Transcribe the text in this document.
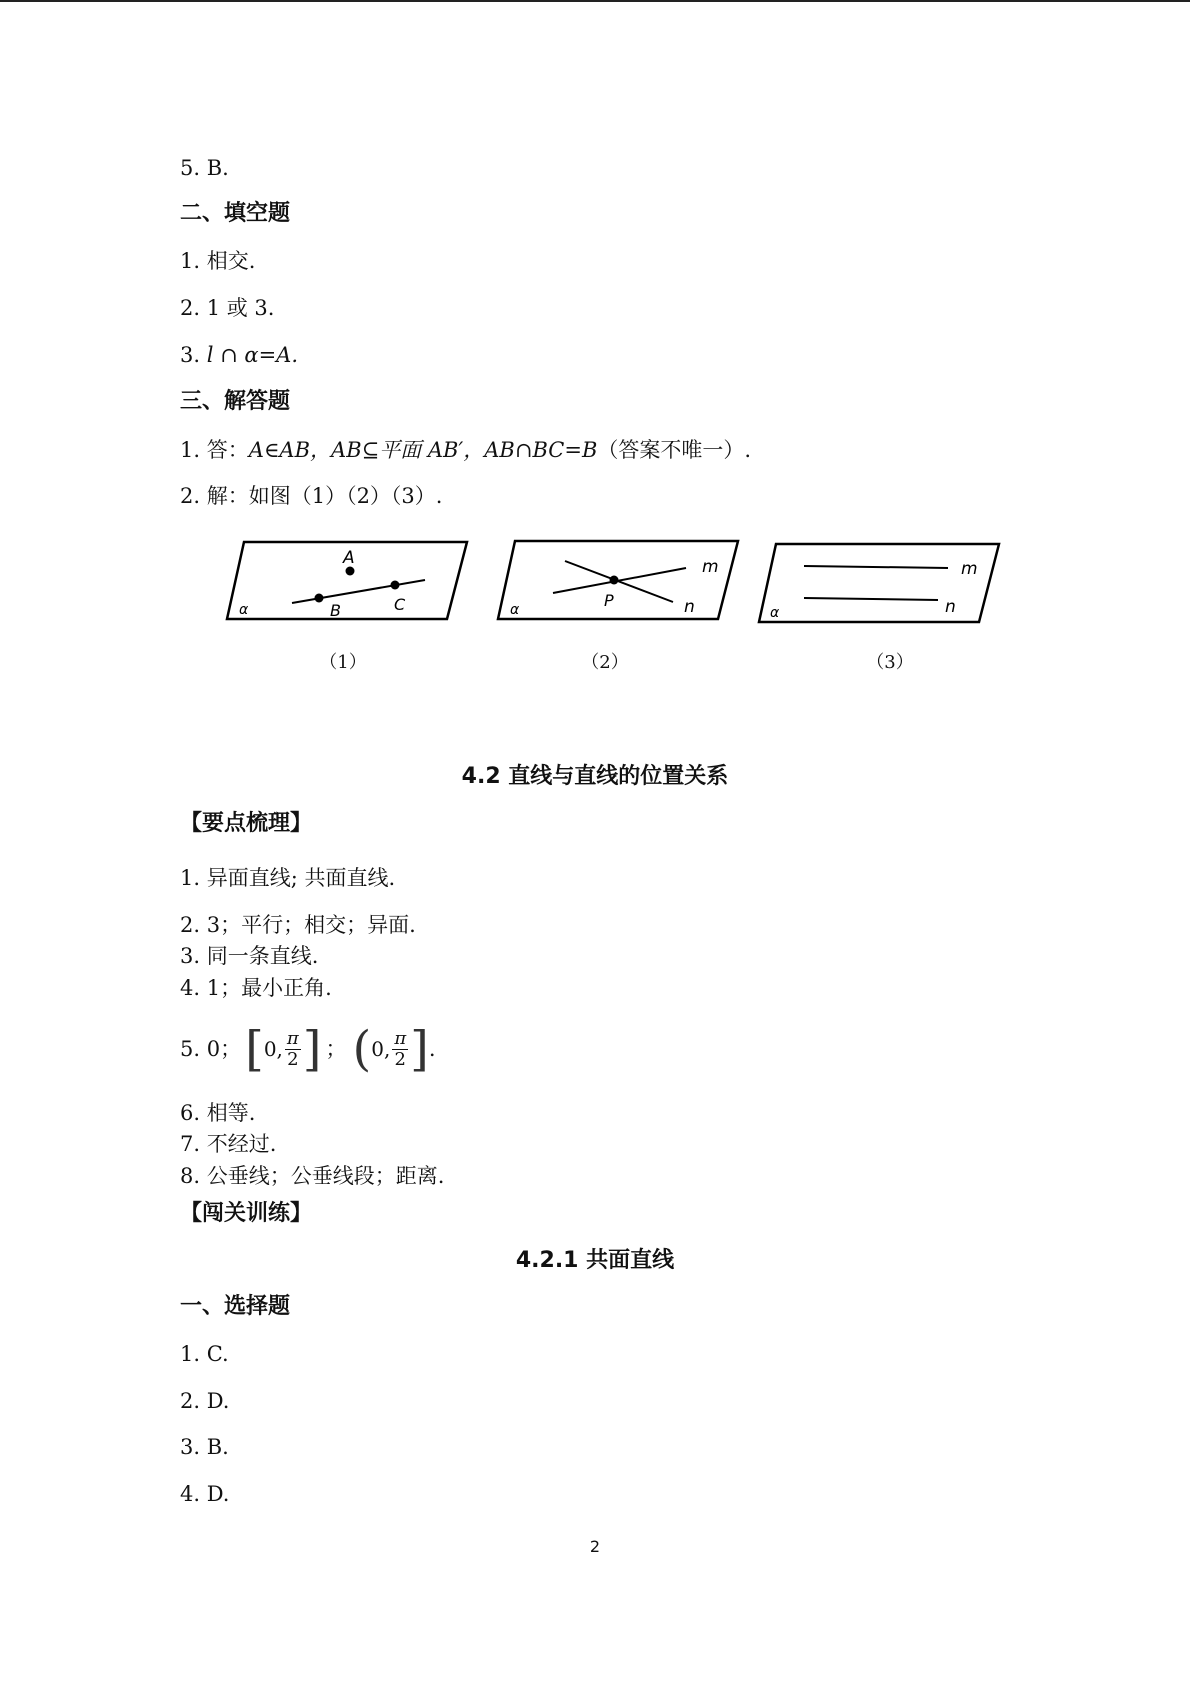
5. B.
二、填空题
1. 相交.
2. 1 或 3.
3. l ∩ α=A.
三、解答题
1. 答：A∈AB，AB⊆平面 AB′，AB∩BC=B（答案不唯一）.
2. 解：如图（1）（2）（3）.
A
B	C
α
（1）
P
m
n
α
（2）
m
n
α
（3）
4.2 直线与直线的位置关系
【要点梳理】
1. 异面直线; 共面直线.
2. 3；平行；相交；异面.
3. 同一条直线.
4. 1；最小正角.
5. 0； [ 0, π
2 ] ； ( 0, π
2 ] .
6. 相等.
7. 不经过.
8. 公垂线；公垂线段；距离.
【闯关训练】
4.2.1 共面直线
一、选择题
1. C.
2. D.
3. B.
4. D.
2
